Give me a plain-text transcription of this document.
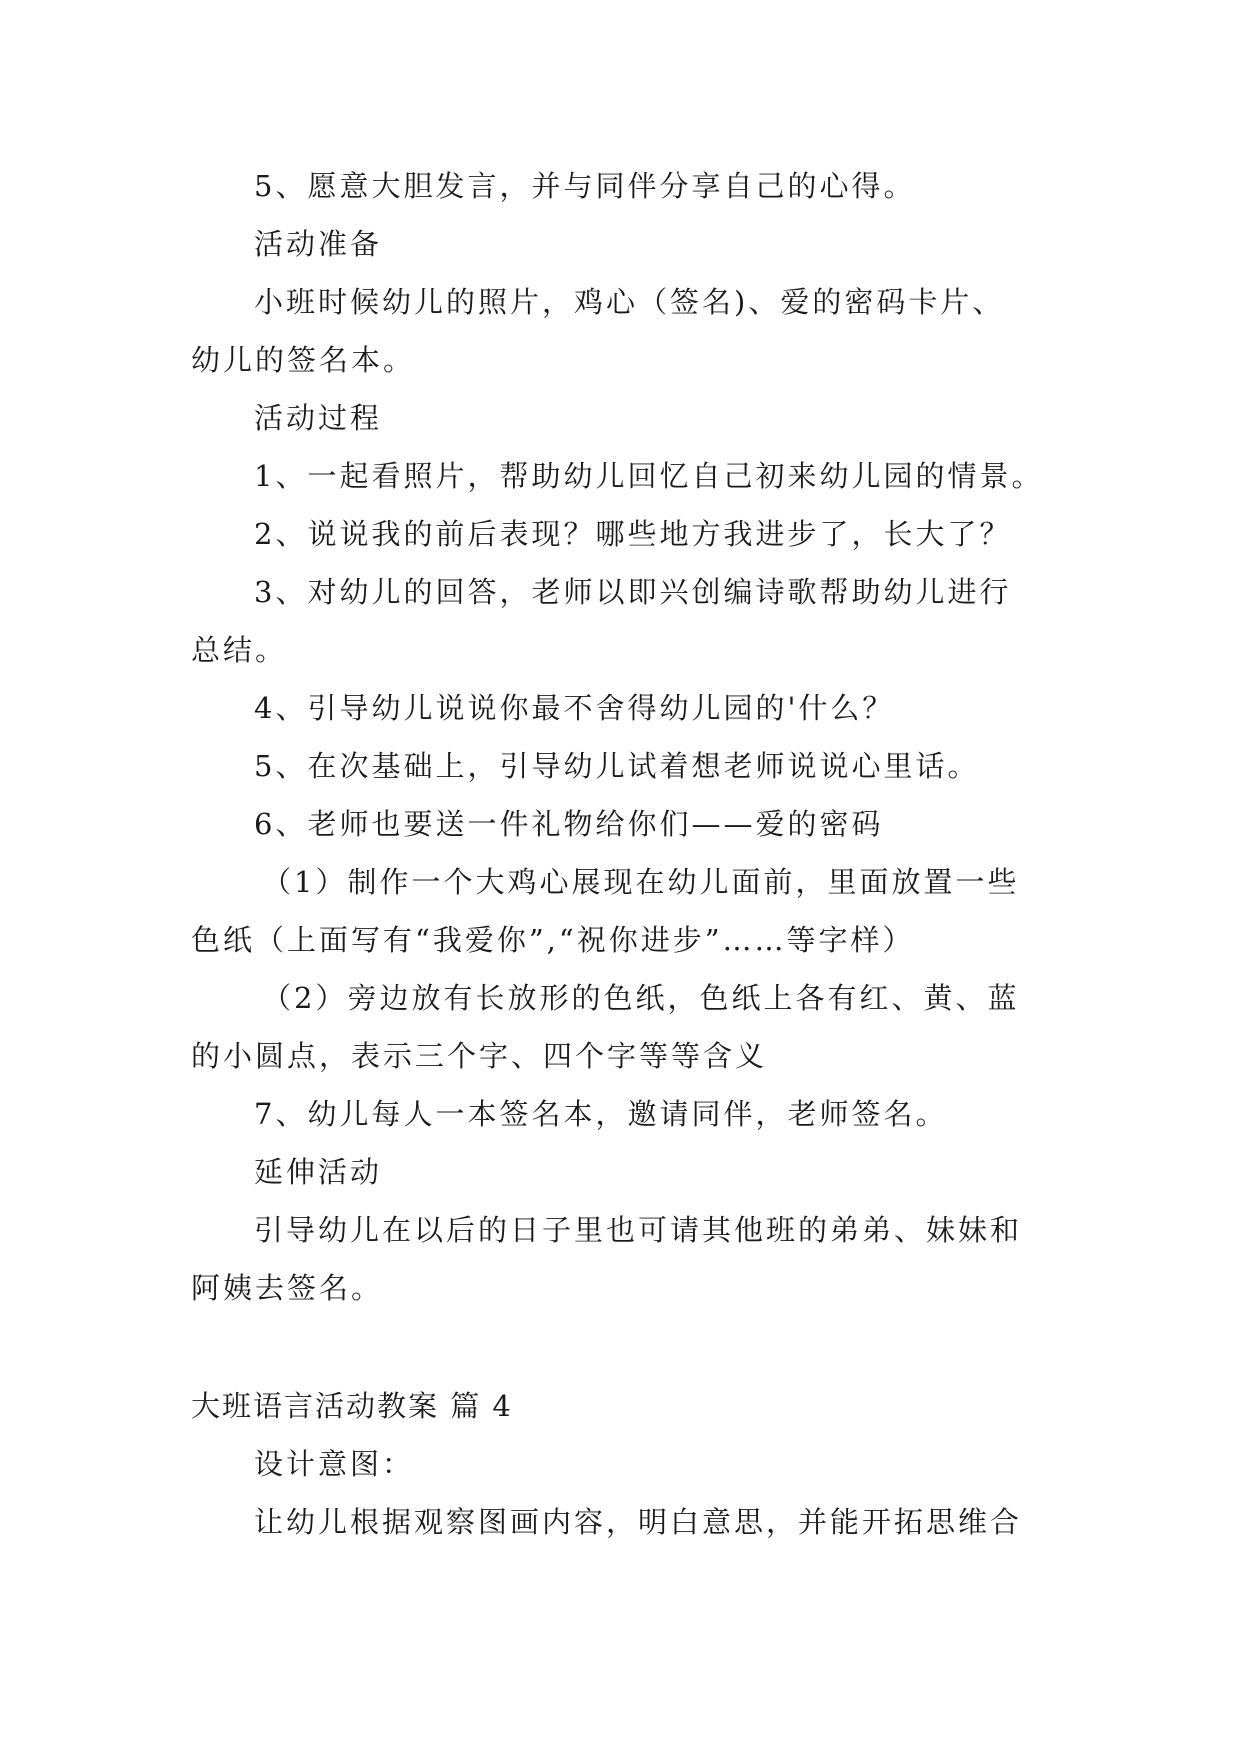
5、愿意大胆发言，并与同伴分享自己的心得。
活动准备
小班时候幼儿的照片，鸡心（签名)、爱的密码卡片、
幼儿的签名本。
活动过程
1、一起看照片，帮助幼儿回忆自己初来幼儿园的情景。
2、说说我的前后表现？哪些地方我进步了，长大了？
3、对幼儿的回答，老师以即兴创编诗歌帮助幼儿进行
总结。
4、引导幼儿说说你最不舍得幼儿园的'什么？
5、在次基础上，引导幼儿试着想老师说说心里话。
6、老师也要送一件礼物给你们——爱的密码
（1）制作一个大鸡心展现在幼儿面前，里面放置一些
色纸（上面写有“我爱你”,“祝你进步”……等字样）
（2）旁边放有长放形的色纸，色纸上各有红、黄、蓝
的小圆点，表示三个字、四个字等等含义
7、幼儿每人一本签名本，邀请同伴，老师签名。
延伸活动
引导幼儿在以后的日子里也可请其他班的弟弟、妹妹和
阿姨去签名。
大班语言活动教案 篇 4
设计意图：
让幼儿根据观察图画内容，明白意思，并能开拓思维合
